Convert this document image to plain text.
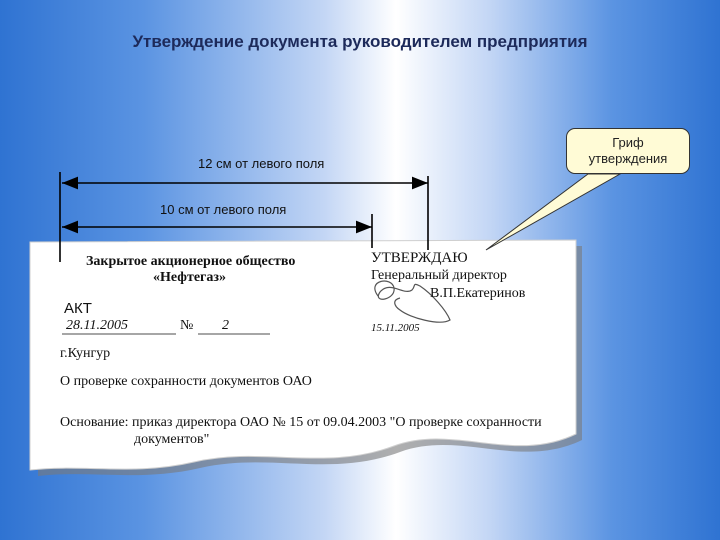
Утверждение документа руководителем предприятия
Гриф
утверждения
12 см от левого поля
10 см от левого поля
Закрытое акционерное общество
«Нефтегаз»
УТВЕРЖДАЮ
Генеральный директор
В.П.Екатеринов
15.11.2005
АКТ
28.11.2005	№ 2
г.Кунгур
О проверке сохранности документов ОАО
Основание: приказ директора ОАО № 15 от 09.04.2003 "О проверке сохранности
документов"
